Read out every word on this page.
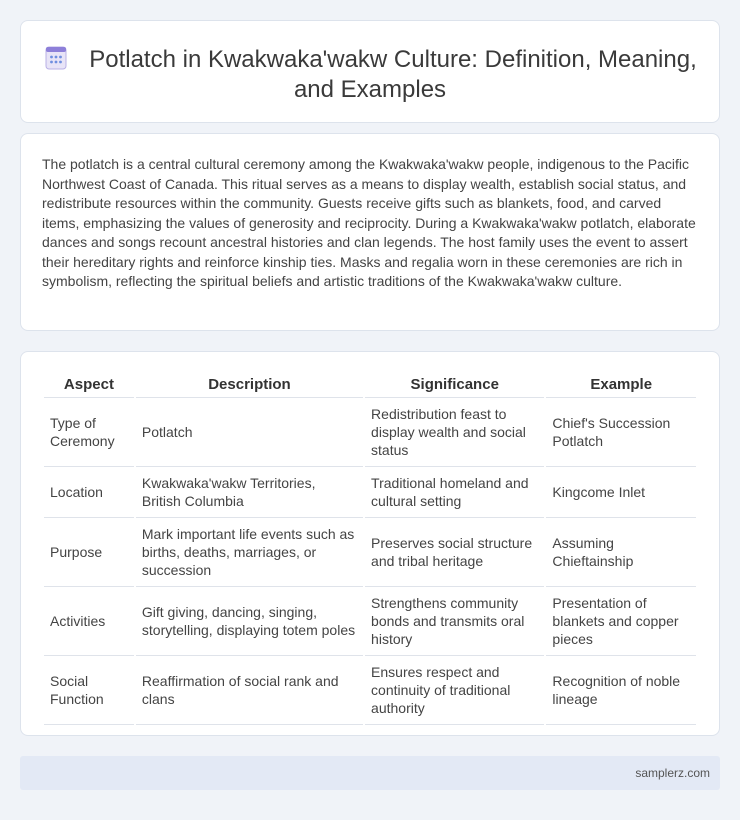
Potlatch in Kwakwaka'wakw Culture: Definition, Meaning, and Examples

The potlatch is a central cultural ceremony among the Kwakwaka'wakw people, indigenous to the Pacific Northwest Coast of Canada. This ritual serves as a means to display wealth, establish social status, and redistribute resources within the community. Guests receive gifts such as blankets, food, and carved items, emphasizing the values of generosity and reciprocity. During a Kwakwaka'wakw potlatch, elaborate dances and songs recount ancestral histories and clan legends. The host family uses the event to assert their hereditary rights and reinforce kinship ties. Masks and regalia worn in these ceremonies are rich in symbolism, reflecting the spiritual beliefs and artistic traditions of the Kwakwaka'wakw culture.

Aspect	Description	Significance	Example
Type of Ceremony	Potlatch	Redistribution feast to display wealth and social status	Chief's Succession Potlatch
Location	Kwakwaka'wakw Territories, British Columbia	Traditional homeland and cultural setting	Kingcome Inlet
Purpose	Mark important life events such as births, deaths, marriages, or succession	Preserves social structure and tribal heritage	Assuming Chieftainship
Activities	Gift giving, dancing, singing, storytelling, displaying totem poles	Strengthens community bonds and transmits oral history	Presentation of blankets and copper pieces
Social Function	Reaffirmation of social rank and clans	Ensures respect and continuity of traditional authority	Recognition of noble lineage
samplerz.com
